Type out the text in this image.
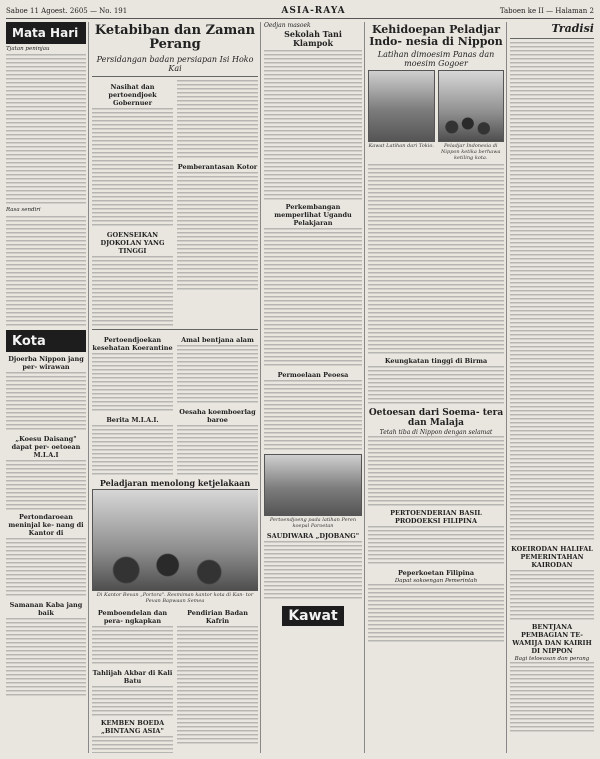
Saboe 11 Agoest. 2605 — No. 191	ASIA-RAYA	Taboen ke II — Halaman 2
Mata Hari
Tjatan peninjau
Rasa sendiri
Kota
Djoerba Nippon jang per- wirawan
„Koesu Daisang" dapat per- oetoean M.I.A.I
Pertondaroean meninjal ke- nang di Kantor di
Samanan Kaba jang baik
Ketabiban dan Zaman Perang
Persidangan badan persiapan Isi Hoko Kai
Nasihat dan pertoendjoek Gobernuer
GOENSEIKAN DJOKOLAN YANG TINGGI
Pemberantasan Kotor
Pertoendjoekan kesehatan Koerantine
Berita M.I.A.I.
Amal bentjana alam
Oesaha koemboerlag baroe
Peladjaran menolong ketjelakaan
Di Kantor Bevan „Portora". Resmiman kantor kota di Kan- tor Pevan Bapwaan Semea
Pemboendelan dan pera- ngkapkan
Tahlijah Akbar di Kali Batu
KEMBEN BOEDA „BINTANG ASIA"
Pendirian Badan Kafrin
Oedjan masoek
Sekolah Tani Klampok
Perkembangan memperlihat Ugandu Pelakjaran
Permoelaan Peoesa
Pertoendjoeng pada latihan Peren koepal Paroetan
SAUDIWARA „DJOBANG"
Kawat
Kehidoepan Peladjar Indo- nesia di Nippon
Latihan dimoesim Panas dan moesim Gogoer
Kawat Latihan dari Tokio.	Peladjar Indonesia di Nippon ketika berhawa ketiling kota.
Keungkatan tinggi di Birma
Oetoesan dari Soema- tera dan Malaja
Tetah tiba di Nippon dengan selamat
PERTOENDERIAN BASIL PRODOEKSI FILIPINA
Peperkoetan Filipina
Dapat sokoengan Pemerintah
Tradisi
KOEIRODAN HALIFAL PEMERINTAHAN KAIRODAN
BENTJANA PEMBAGIAN TE- WAMIJA DAN KAIRIH DI NIPPON
Bagi teloeasan dan perang
